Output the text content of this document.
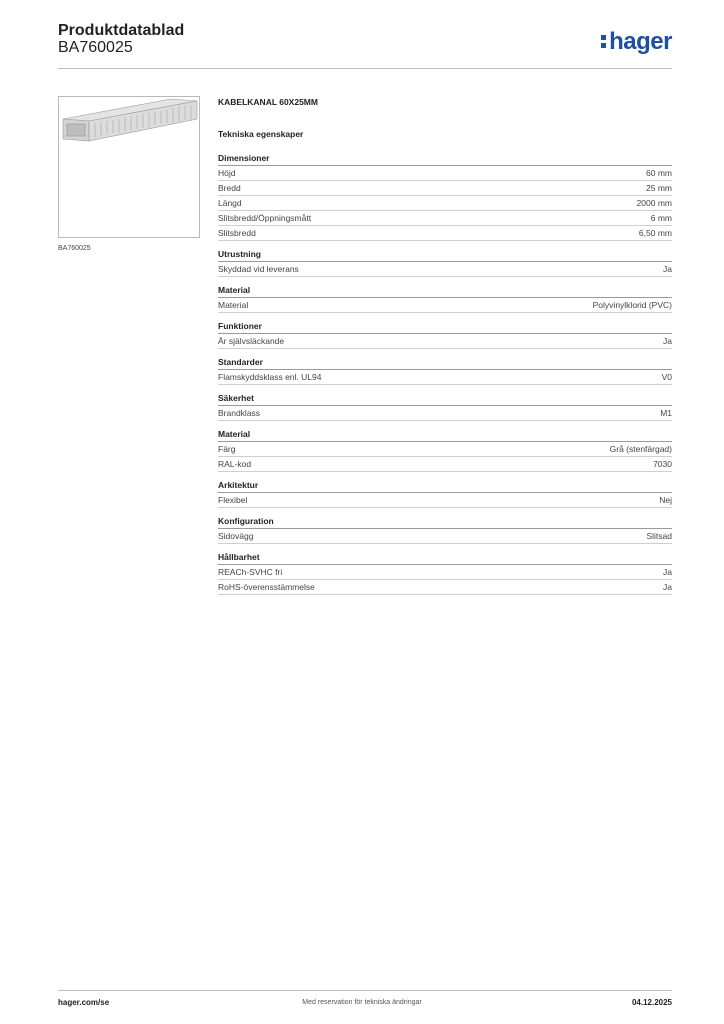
Produktdatablad
BA760025	hager
BA760025
KABELKANAL 60X25MM
Tekniska egenskaper
Dimensioner
Höjd	60 mm
Bredd	25 mm
Längd	2000 mm
Slitsbredd/Öppningsmått	6 mm
Slitsbredd	6,50 mm
Utrustning
Skyddad vid leverans	Ja
Material
Material	Polyvinylklorid (PVC)
Funktioner
Är självsläckande	Ja
Standarder
Flamskyddsklass enl. UL94	V0
Säkerhet
Brandklass	M1
Material
Färg	Grå (stenfärgad)
RAL-kod	7030
Arkitektur
Flexibel	Nej
Konfiguration
Sidovägg	Slitsad
Hållbarhet
REACh-SVHC fri	Ja
RoHS-överensstämmelse	Ja
hager.com/se	Med reservation för tekniska ändringar	04.12.2025
